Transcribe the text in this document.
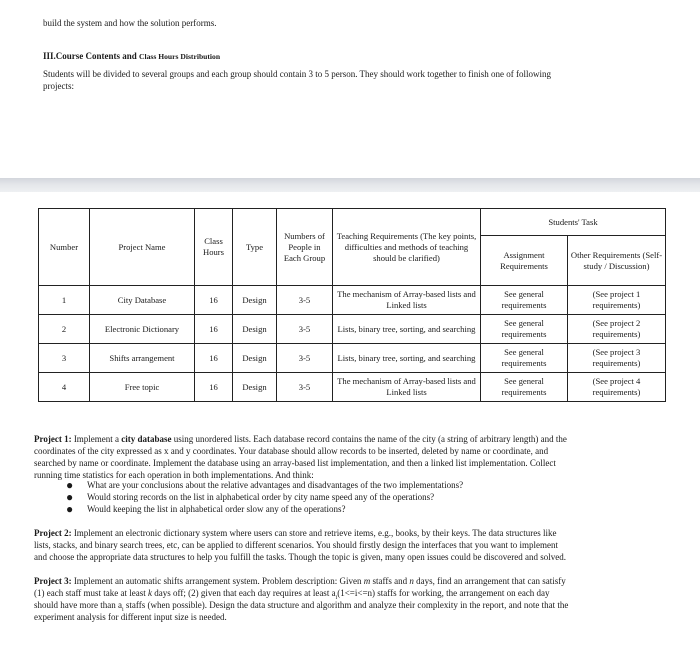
build the system and how the solution performs.
III.Course Contents and Class Hours Distribution
Students will be divided to several groups and each group should contain 3 to 5 person. They should work together to finish one of following
projects:
Number	Project Name	Class Hours	Type	Numbers of People in Each Group	Teaching Requirements (The key points, difficulties and methods of teaching should be clarified)	Students' Task	
						Assignment Requirements	Other Requirements (Self-study / Discussion)

1	City Database	16	Design	3-5	The mechanism of Array-based lists and Linked lists	See general requirements	(See project 1 requirements)
2	Electronic Dictionary	16	Design	3-5	Lists, binary tree, sorting, and searching	See general requirements	(See project 2 requirements)
3	Shifts arrangement	16	Design	3-5	Lists, binary tree, sorting, and searching	See general requirements	(See project 3 requirements)
4	Free topic	16	Design	3-5	The mechanism of Array-based lists and Linked lists	See general requirements	(See project 4 requirements)
Project 1: Implement a city database using unordered lists. Each database record contains the name of the city (a string of arbitrary length) and the
coordinates of the city expressed as x and y coordinates. Your database should allow records to be inserted, deleted by name or coordinate, and
searched by name or coordinate. Implement the database using an array-based list implementation, and then a linked list implementation. Collect
running time statistics for each operation in both implementations. And think:
● What are your conclusions about the relative advantages and disadvantages of the two implementations?
● Would storing records on the list in alphabetical order by city name speed any of the operations?
● Would keeping the list in alphabetical order slow any of the operations?
Project 2: Implement an electronic dictionary system where users can store and retrieve items, e.g., books, by their keys. The data structures like
lists, stacks, and binary search trees, etc, can be applied to different scenarios. You should firstly design the interfaces that you want to implement
and choose the appropriate data structures to help you fulfill the tasks. Though the topic is given, many open issues could be discovered and solved.
Project 3: Implement an automatic shifts arrangement system. Problem description: Given m staffs and n days, find an arrangement that can satisfy
(1) each staff must take at least k days off; (2) given that each day requires at least $a_i(1<=i<=n)$ staffs for working, the arrangement on each day
should have more than $a_i$ staffs (when possible). Design the data structure and algorithm and analyze their complexity in the report, and note that the
experiment analysis for different input size is needed.
